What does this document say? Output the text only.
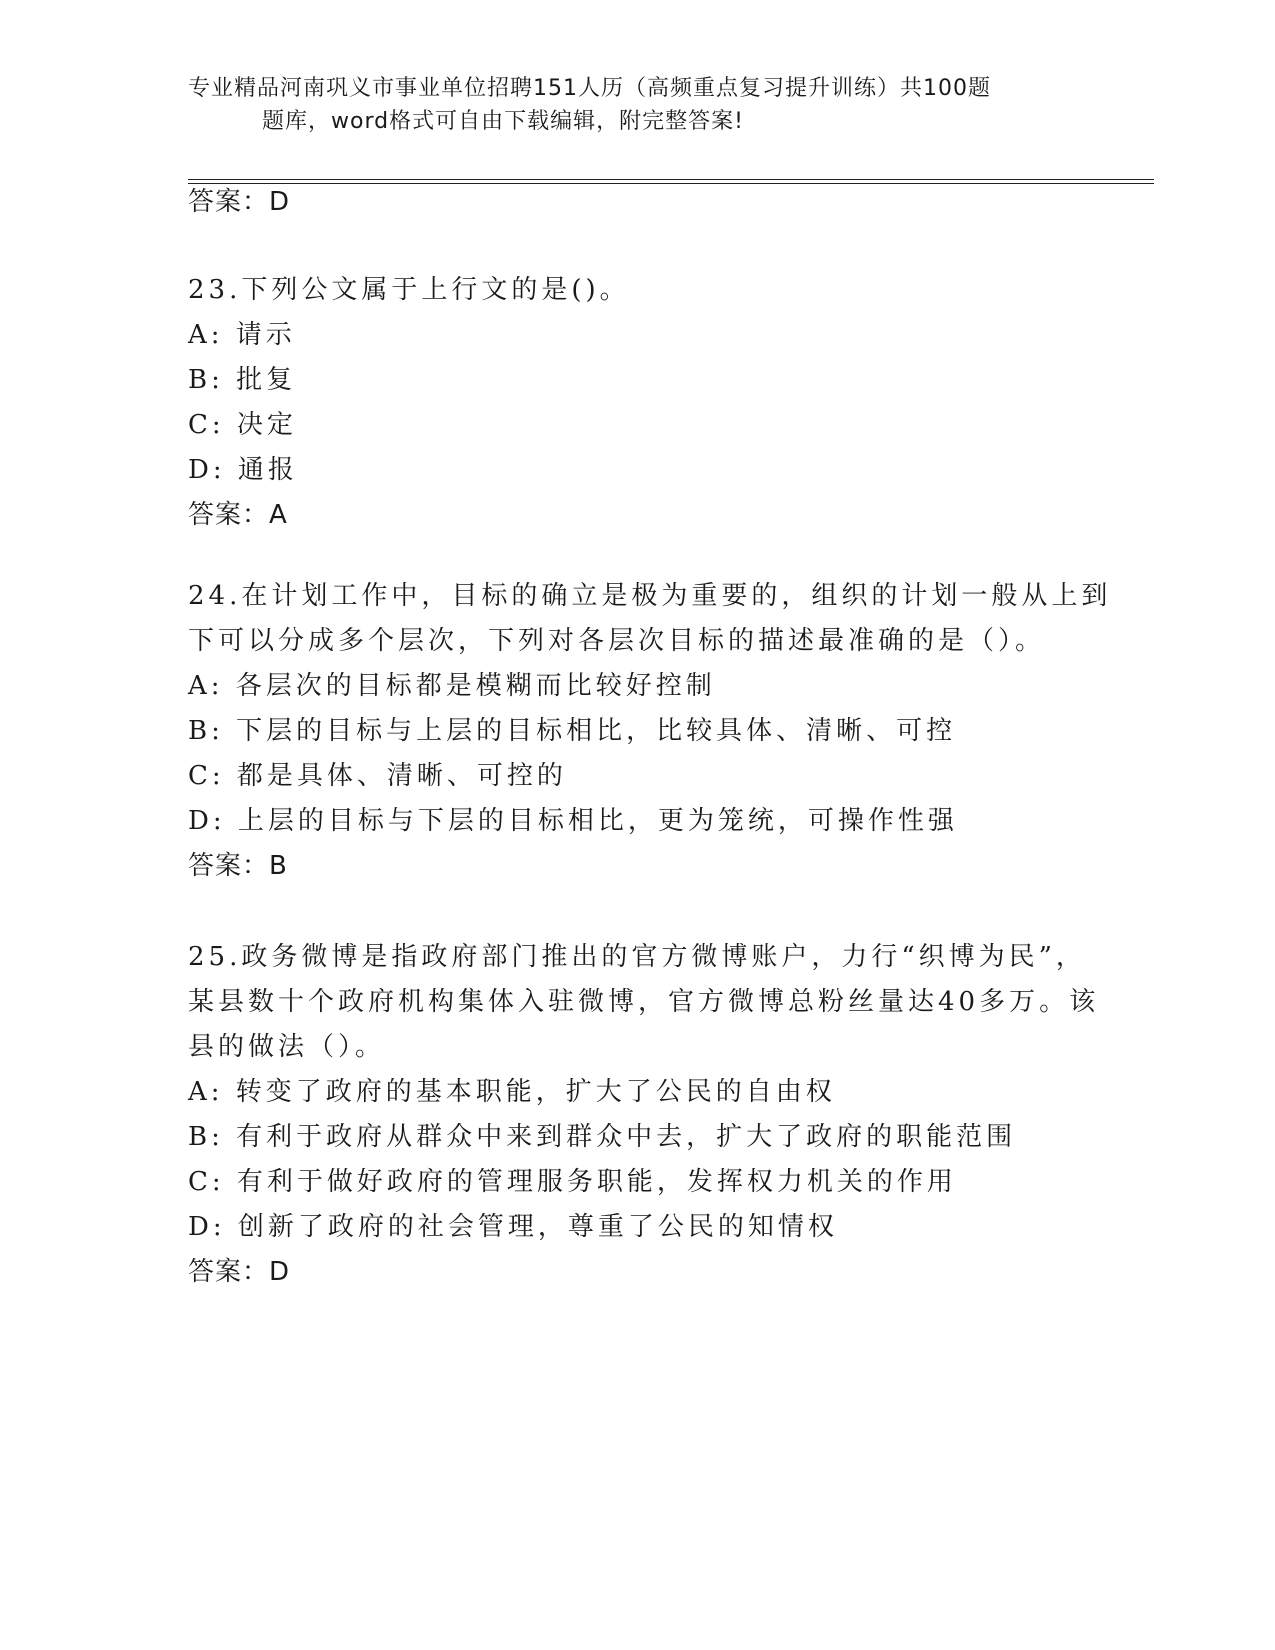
专业精品河南巩义市事业单位招聘151人历（高频重点复习提升训练）共100题
题库，word格式可自由下载编辑，附完整答案!
答案：D
23.下列公文属于上行文的是()。
A: 请示
B: 批复
C: 决定
D: 通报
答案：A
24.在计划工作中，目标的确立是极为重要的，组织的计划一般从上到
下可以分成多个层次，下列对各层次目标的描述最准确的是（）。
A: 各层次的目标都是模糊而比较好控制
B: 下层的目标与上层的目标相比，比较具体、清晰、可控
C: 都是具体、清晰、可控的
D: 上层的目标与下层的目标相比，更为笼统，可操作性强
答案：B
25.政务微博是指政府部门推出的官方微博账户，力行“织博为民”，
某县数十个政府机构集体入驻微博，官方微博总粉丝量达40多万。该
县的做法（）。
A: 转变了政府的基本职能，扩大了公民的自由权
B: 有利于政府从群众中来到群众中去，扩大了政府的职能范围
C: 有利于做好政府的管理服务职能，发挥权力机关的作用
D: 创新了政府的社会管理，尊重了公民的知情权
答案：D
